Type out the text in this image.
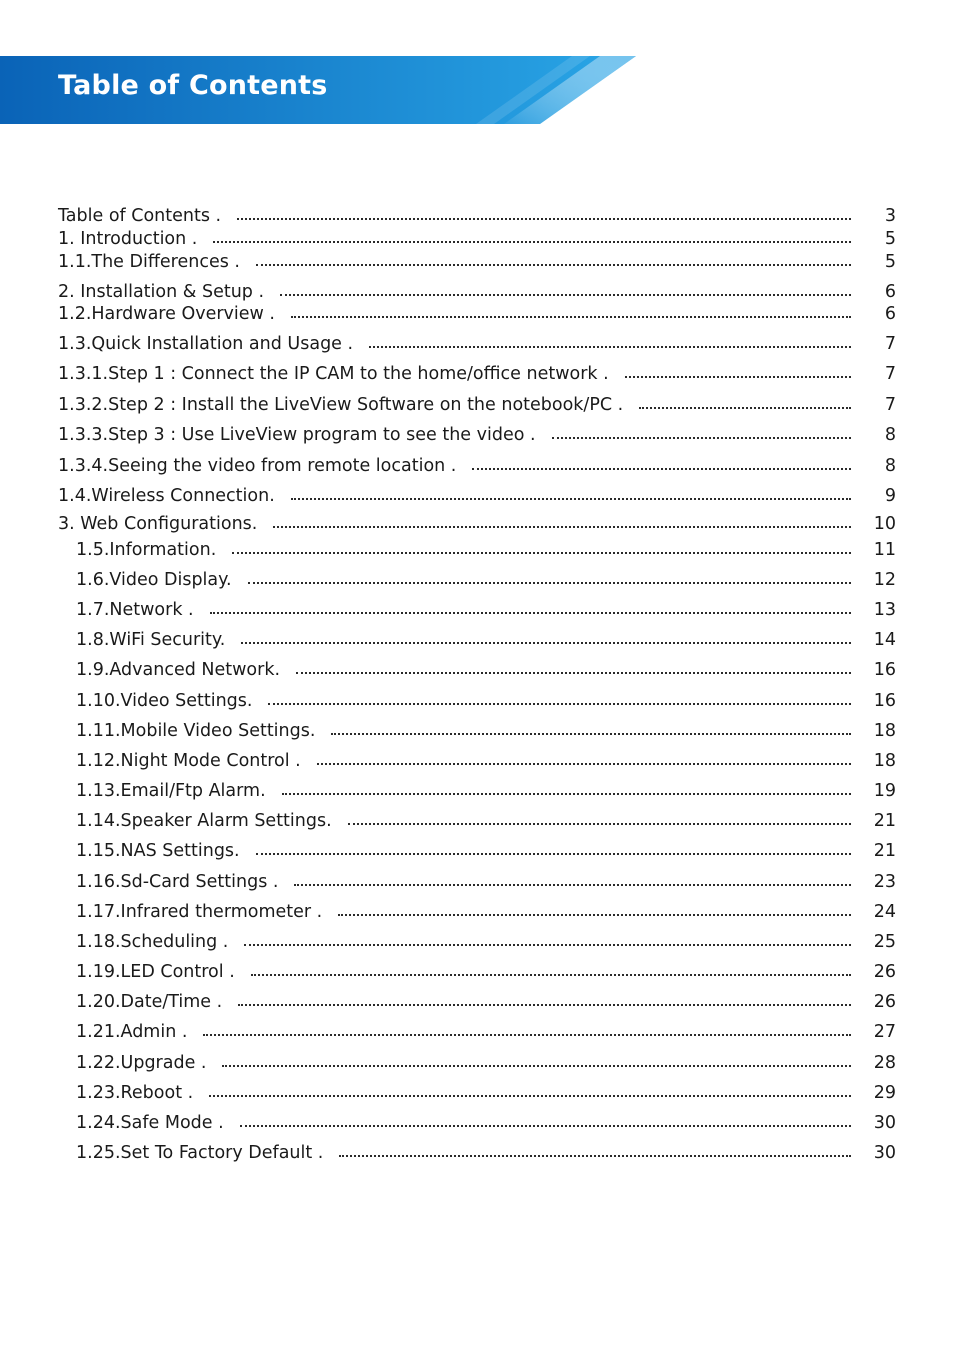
Table of Contents
Table of Contents .	3
1. Introduction .	5
1.1.The Differences .	5
2. Installation & Setup .	6
1.2.Hardware Overview .	6
1.3.Quick Installation and Usage .	7
1.3.1.Step 1 : Connect the IP CAM to the home/office network .	7
1.3.2.Step 2 : Install the LiveView Software on the notebook/PC .	7
1.3.3.Step 3 : Use LiveView program to see the video .	8
1.3.4.Seeing the video from remote location .	8
1.4.Wireless Connection.	9
3. Web Configurations.	10
1.5.Information.	11
1.6.Video Display.	12
1.7.Network .	13
1.8.WiFi Security.	14
1.9.Advanced Network.	16
1.10.Video Settings.	16
1.11.Mobile Video Settings.	18
1.12.Night Mode Control .	18
1.13.Email/Ftp Alarm.	19
1.14.Speaker Alarm Settings.	21
1.15.NAS Settings.	21
1.16.Sd-Card Settings .	23
1.17.Infrared thermometer .	24
1.18.Scheduling .	25
1.19.LED Control .	26
1.20.Date/Time .	26
1.21.Admin .	27
1.22.Upgrade .	28
1.23.Reboot .	29
1.24.Safe Mode .	30
1.25.Set To Factory Default .	30
